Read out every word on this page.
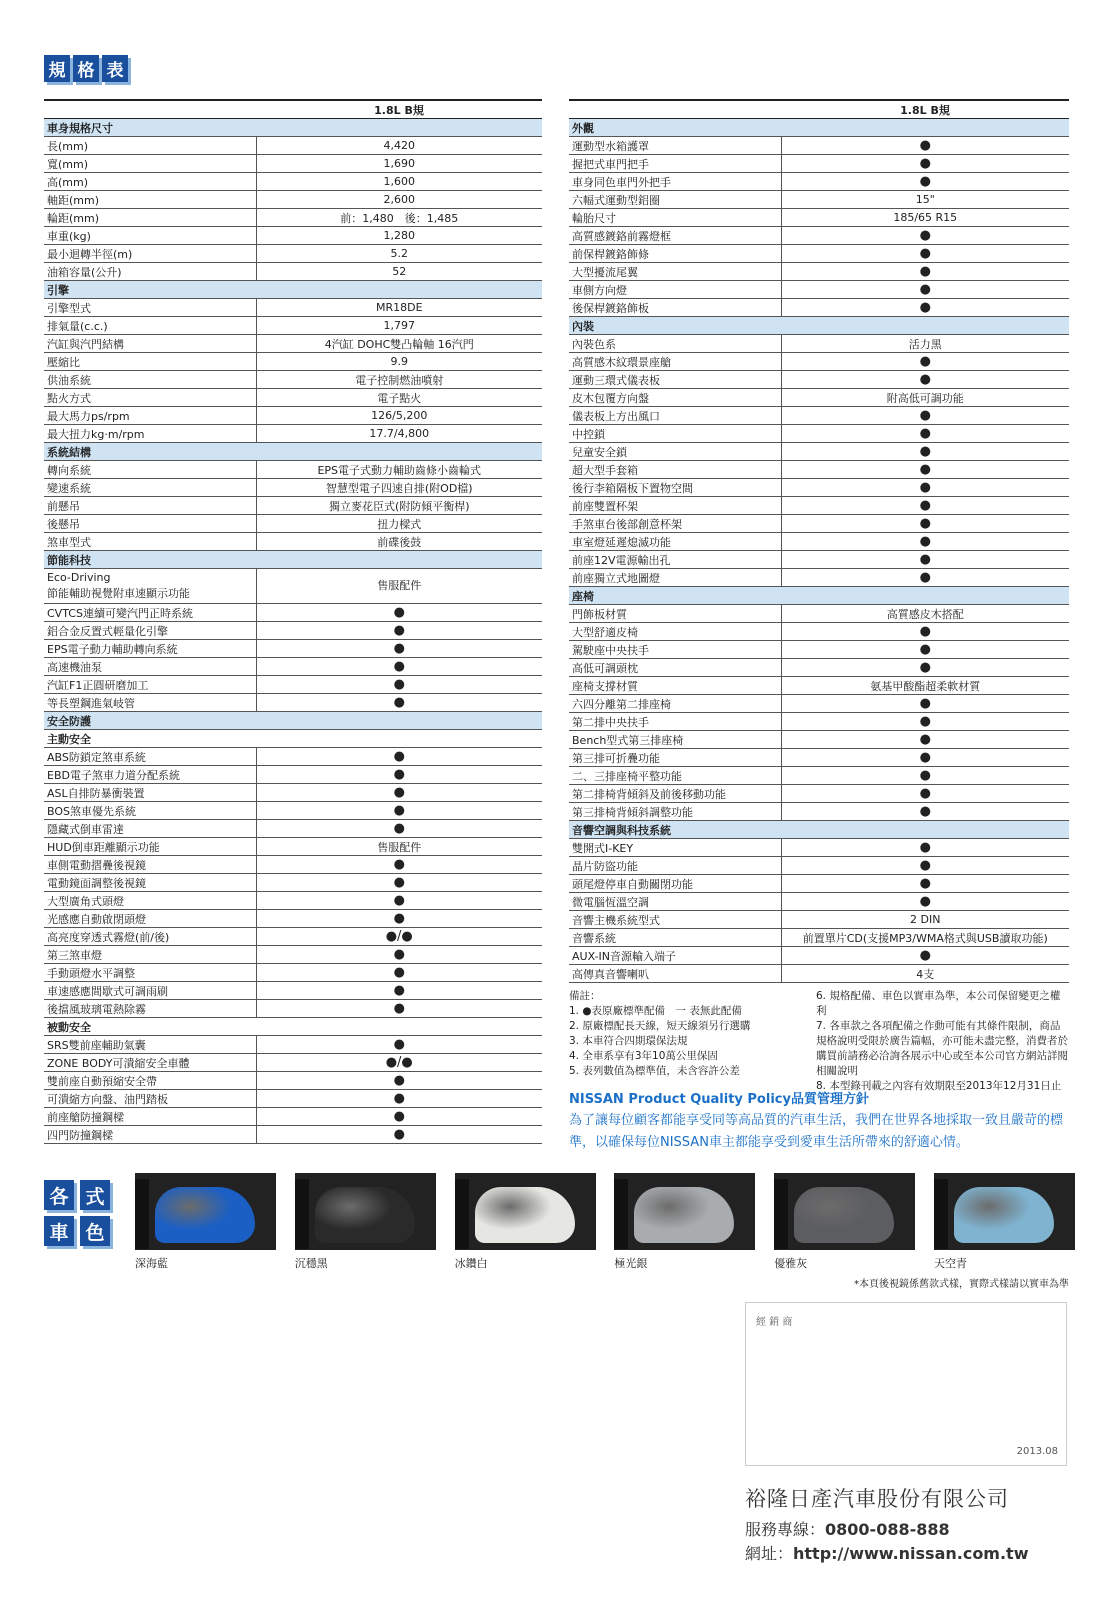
規 格 表
	1.8L B規
車身規格尺寸	

長(mm)	4,420

寬(mm)	1,690

高(mm)	1,600

軸距(mm)	2,600

輪距(mm)	前：1,480　後：1,485

車重(kg)	1,280

最小迴轉半徑(m)	5.2

油箱容量(公升)	52
引擎	

引擎型式	MR18DE

排氣量(c.c.)	1,797

汽缸與汽門結構	4汽缸 DOHC雙凸輪軸 16汽門

壓縮比	9.9

供油系統	電子控制燃油噴射

點火方式	電子點火

最大馬力ps/rpm	126/5,200

最大扭力kg‧m/rpm	17.7/4,800
系統結構	

轉向系統	EPS電子式動力輔助齒條小齒輪式

變速系統	智慧型電子四速自排(附OD檔)

前懸吊	獨立麥花臣式(附防傾平衡桿)

後懸吊	扭力樑式

煞車型式	前碟後鼓
節能科技	

Eco-Driving
節能輔助視覺附車速顯示功能	售服配件

CVTCS連續可變汽門正時系統	●

鋁合金反置式輕量化引擎	●

EPS電子動力輔助轉向系統	●

高速機油泵	●

汽缸F1正圓研磨加工	●

等長塑鋼進氣岐管	●
安全防護	
主動安全	

ABS防鎖定煞車系統	●

EBD電子煞車力道分配系統	●

ASL自排防暴衝裝置	●

BOS煞車優先系統	●

隱藏式倒車雷達	●

HUD倒車距離顯示功能	售服配件

車側電動摺疊後視鏡	●

電動鏡面調整後視鏡	●

大型廣角式頭燈	●

光感應自動啟閉頭燈	●

高亮度穿透式霧燈(前/後)	●/●

第三煞車燈	●

手動頭燈水平調整	●

車速感應間歇式可調雨刷	●

後擋風玻璃電熱除霧	●
被動安全	

SRS雙前座輔助氣囊	●

ZONE BODY可潰縮安全車體	●/●

雙前座自動預縮安全帶	●

可潰縮方向盤、油門踏板	●

前座艙防撞鋼樑	●

四門防撞鋼樑	●
	1.8L B規
外觀	

運動型水箱護罩	●

握把式車門把手	●

車身同色車門外把手	●

六幅式運動型鋁圈	15"

輪胎尺寸	185/65 R15

高質感鍍鉻前霧燈框	●

前保桿鍍鉻飾條	●

大型擾流尾翼	●

車側方向燈	●

後保桿鍍鉻飾板	●
內裝	

內裝色系	活力黑

高質感木紋環景座艙	●

運動三環式儀表板	●

皮木包覆方向盤	附高低可調功能

儀表板上方出風口	●

中控鎖	●

兒童安全鎖	●

超大型手套箱	●

後行李箱隔板下置物空間	●

前座雙置杯架	●

手煞車台後部創意杯架	●

車室燈延遲熄滅功能	●

前座12V電源輸出孔	●

前座獨立式地圖燈	●
座椅	

門飾板材質	高質感皮木搭配

大型舒適皮椅	●

駕駛座中央扶手	●

高低可調頭枕	●

座椅支撐材質	氨基甲酸酯超柔軟材質

六四分離第二排座椅	●

第二排中央扶手	●

Bench型式第三排座椅	●

第三排可折疊功能	●

二、三排座椅平整功能	●

第二排椅背傾斜及前後移動功能	●

第三排椅背傾斜調整功能	●
音響空調與科技系統	

雙開式I-KEY	●

晶片防盜功能	●

頭尾燈停車自動關閉功能	●

微電腦恆溫空調	●

音響主機系統型式	2 DIN

音響系統	前置單片CD(支援MP3/WMA格式與USB讀取功能)

AUX-IN音源輸入端子	●

高傳真音響喇叭	4支
備註：
1. ●表原廠標準配備　一 表無此配備
2. 原廠標配長天線，短天線須另行選購
3. 本車符合四期環保法規
4. 全車系享有3年10萬公里保固
5. 表列數值為標準值，未含容許公差
6. 規格配備、車色以實車為準，本公司保留變更之權利
7. 各車款之各項配備之作動可能有其條件限制，商品規格說明受限於廣告篇幅，亦可能未盡完整，消費者於購買前請務必洽詢各展示中心或至本公司官方網站詳閱相關說明
8. 本型錄刊載之內容有效期限至2013年12月31日止
NISSAN Product Quality Policy品質管理方針
為了讓每位顧客都能享受同等高品質的汽車生活，我們在世界各地採取一致且嚴苛的標準，以確保每位NISSAN車主都能享受到愛車生活所帶來的舒適心情。
各 式
車 色
深海藍	沉穩黑	冰鑽白	極光銀	優雅灰	天空青
*本頁後視鏡係舊款式樣，實際式樣請以實車為準
經 銷 商
2013.08
裕隆日產汽車股份有限公司
服務專線：0800-088-888
網址：http://www.nissan.com.tw
